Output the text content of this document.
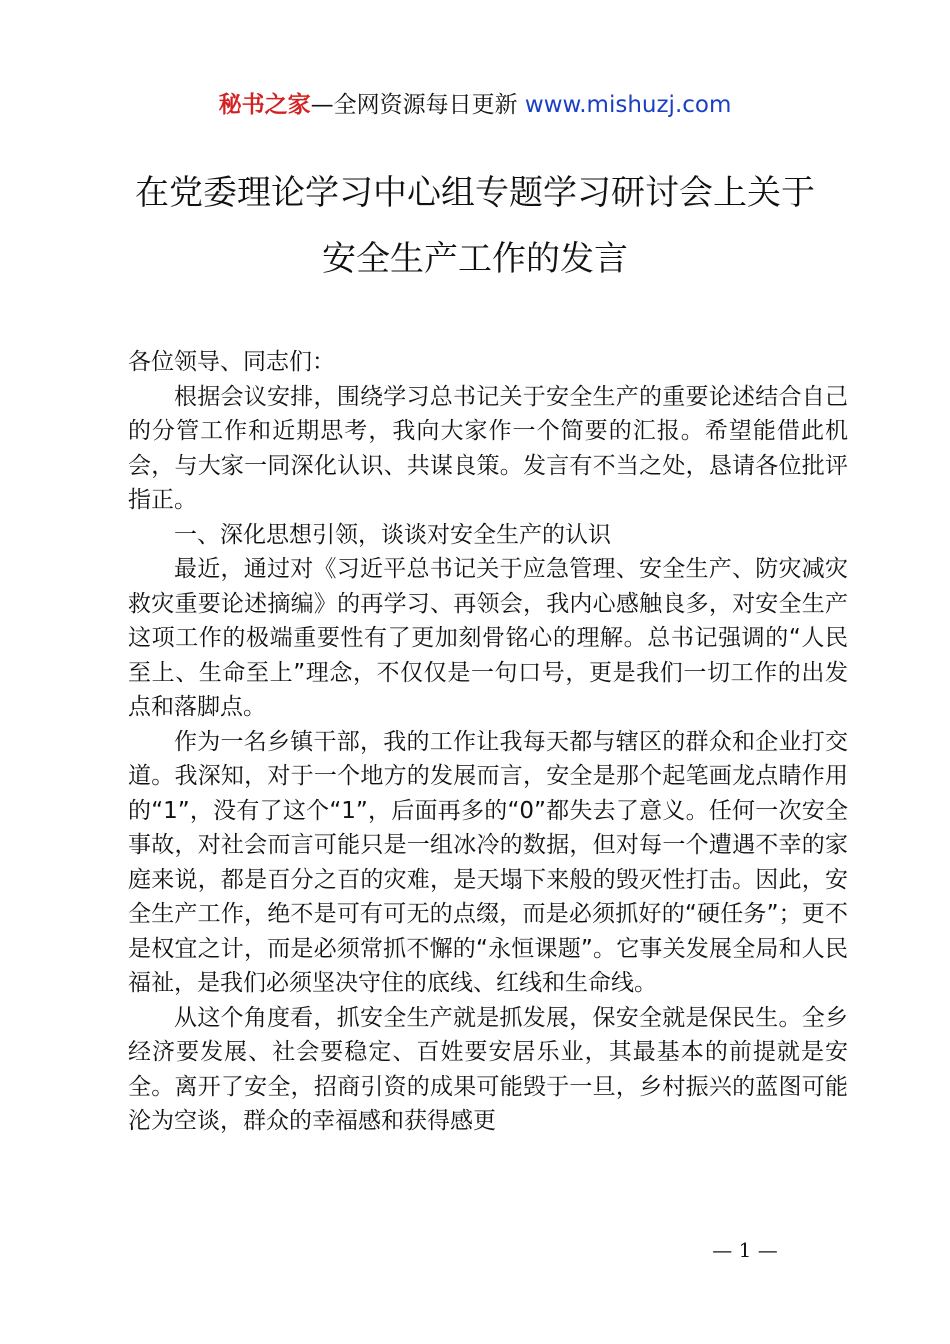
秘书之家—全网资源每日更新 www.mishuzj.com
在党委理论学习中心组专题学习研讨会上关于
安全生产工作的发言

各位领导、同志们：

根据会议安排，围绕学习总书记关于安全生产的重要论述结合自己的分管工作和近期思考，我向大家作一个简要的汇报。希望能借此机会，与大家一同深化认识、共谋良策。发言有不当之处，恳请各位批评指正。

一、深化思想引领，谈谈对安全生产的认识

最近，通过对《习近平总书记关于应急管理、安全生产、防灾减灾救灾重要论述摘编》的再学习、再领会，我内心感触良多，对安全生产这项工作的极端重要性有了更加刻骨铭心的理解。总书记强调的“人民至上、生命至上”理念，不仅仅是一句口号，更是我们一切工作的出发点和落脚点。

作为一名乡镇干部，我的工作让我每天都与辖区的群众和企业打交道。我深知，对于一个地方的发展而言，安全是那个起笔画龙点睛作用的“1”，没有了这个“1”，后面再多的“0”都失去了意义。任何一次安全事故，对社会而言可能只是一组冰冷的数据，但对每一个遭遇不幸的家庭来说，都是百分之百的灾难，是天塌下来般的毁灭性打击。因此，安全生产工作，绝不是可有可无的点缀，而是必须抓好的“硬任务”；更不是权宜之计，而是必须常抓不懈的“永恒课题”。它事关发展全局和人民福祉，是我们必须坚决守住的底线、红线和生命线。

从这个角度看，抓安全生产就是抓发展，保安全就是保民生。全乡经济要发展、社会要稳定、百姓要安居乐业，其最基本的前提就是安全。离开了安全，招商引资的成果可能毁于一旦，乡村振兴的蓝图可能沦为空谈，群众的幸福感和获得感更

— 1 —
